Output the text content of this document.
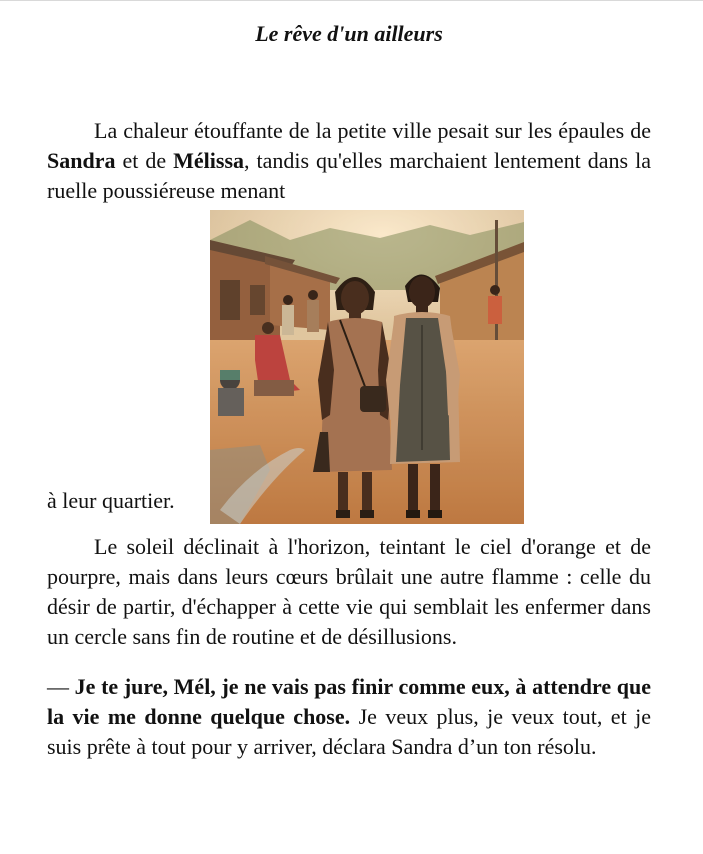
Le rêve d'un ailleurs

La chaleur étouffante de la petite ville pesait sur les épaules de Sandra et de Mélissa, tandis qu'elles marchaient lentement dans la ruelle poussiéreuse menant
à leur quartier.

Le soleil déclinait à l'horizon, teintant le ciel d'orange et de pourpre, mais dans leurs cœurs brûlait une autre flamme : celle du désir de partir, d'échapper à cette vie qui semblait les enfermer dans un cercle sans fin de routine et de désillusions.

— Je te jure, Mél, je ne vais pas finir comme eux, à attendre que la vie me donne quelque chose. Je veux plus, je veux tout, et je suis prête à tout pour y arriver, déclara Sandra d’un ton résolu.
